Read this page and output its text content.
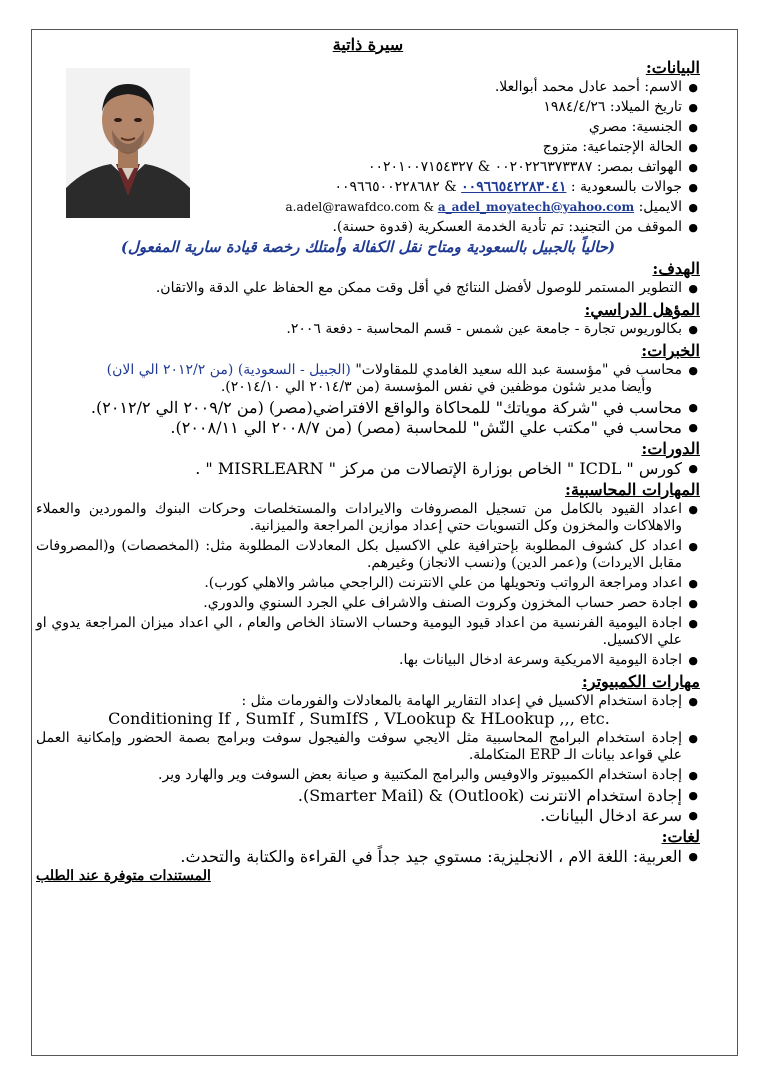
سيرة ذاتية
البيانات:
● الاسم: أحمد عادل محمد أبوالعلا.
● تاريخ الميلاد: ١٩٨٤/٤/٢٦
● الجنسية: مصري
● الحالة الإجتماعية: متزوج
● الهواتف بمصر: ٠٠٢٠٢٢٦٣٧٣٣٨٧ & ٠٠٢٠١٠٠٧١٥٤٣٢٧
● جوالات بالسعودية : ٠٠٩٦٦٥٤٢٢٨٣٠٤١ & ٠٠٩٦٦٥٠٠٢٢٨٦٨٢
● الايميل: a.adel@rawafdco.com & a_adel_moyatech@yahoo.com
● الموقف من التجنيد: تم تأدية الخدمة العسكرية (قدوة حسنة).
(حالياً بالجبيل بالسعودية ومتاح نقل الكفالة وأمتلك رخصة قيادة سارية المفعول)
الهدف:
● التطوير المستمر للوصول لأفضل النتائج في أقل وقت ممكن مع الحفاظ علي الدقة والاتقان.
المؤهل الدراسي:
● بكالوريوس تجارة - جامعة عين شمس - قسم المحاسبة - دفعة ٢٠٠٦.
الخبرات:
● محاسب في "مؤسسة عبد الله سعيد الغامدي للمقاولات" (الجبيل - السعودية) (من ٢٠١٢/٢ الي الان)
وأيضا مدير شئون موظفين في نفس المؤسسة (من ٢٠١٤/٣ الي ٢٠١٤/١٠).
● محاسب في "شركة موياتك" للمحاكاة والواقع الافتراضي(مصر) (من ٢٠٠٩/٢ الي ٢٠١٢/٢).
● محاسب في "مكتب علي النّش" للمحاسبة (مصر) (من ٢٠٠٨/٧ الي ٢٠٠٨/١١).
الدورات:
● كورس " ICDL " الخاص بوزارة الإتصالات من مركز " MISRLEARN " .
المهارات المحاسبية:
● اعداد القيود بالكامل من تسجيل المصروفات والايرادات والمستخلصات وحركات البنوك والموردين والعملاء والاهلاكات والمخزون وكل التسويات حتي إعداد موازين المراجعة والميزانية.
● اعداد كل كشوف المطلوبة بإحترافية علي الاكسيل بكل المعادلات المطلوبة مثل: (المخصصات) و(المصروفات مقابل الايردات) و(عمر الدين) و(نسب الانجاز) وغيرهم.
● اعداد ومراجعة الرواتب وتحويلها من علي الانترنت (الراجحي مباشر والاهلي كورب).
● اجادة حصر حساب المخزون وكروت الصنف والاشراف علي الجرد السنوي والدوري.
● اجادة اليومية الفرنسية من اعداد قيود اليومية وحساب الاستاذ الخاص والعام ، الي اعداد ميزان المراجعة يدوي او علي الاكسيل.
● اجادة اليومية الامريكية وسرعة ادخال البيانات بها.
مهارات الكمبيوتر:
● إجادة استخدام الاكسيل في إعداد التقارير الهامة بالمعادلات والفورمات مثل :
Conditioning If , SumIf , SumIfS , VLookup & HLookup ,,, etc.
● إجادة استخدام البرامج المحاسبية مثل الايجي سوفت والفيجول سوفت وبرامج بصمة الحضور وإمكانية العمل علي قواعد بيانات الـ ERP المتكاملة.
● إجادة استخدام الكمبيوتر والاوفيس والبرامج المكتبية و صيانة بعض السوفت وير والهارد وير.
● إجادة استخدام الانترنت (Outlook) & (Smarter Mail).
● سرعة ادخال البيانات.
لغات:
● العربية: اللغة الام ، الانجليزية: مستوي جيد جداً في القراءة والكتابة والتحدث.
المستندات متوفرة عند الطلب
